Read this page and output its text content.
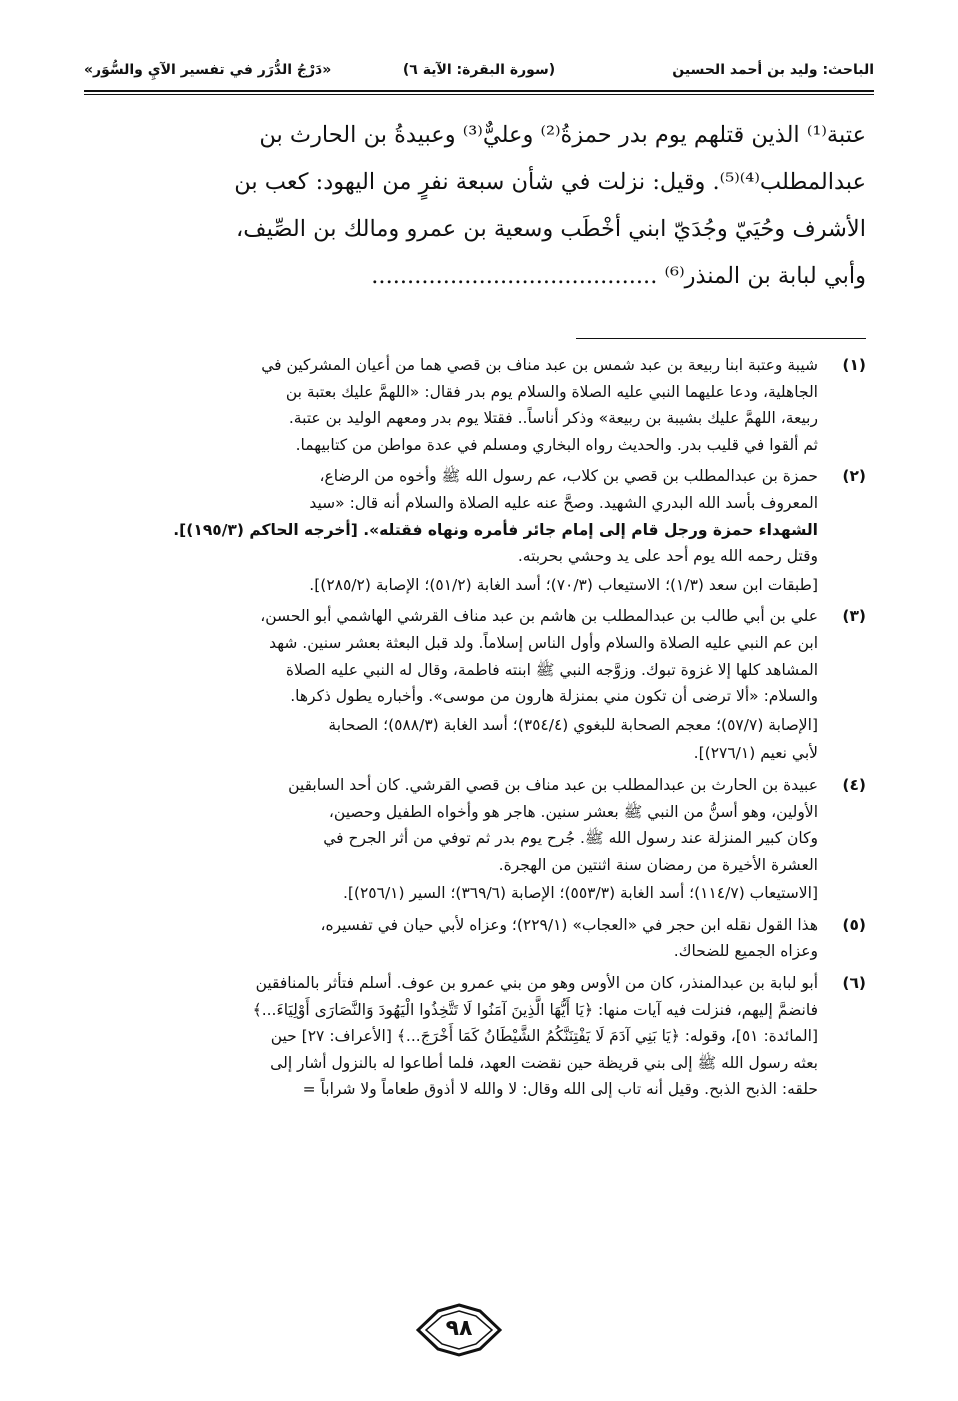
الباحث: وليد بن أحمد الحسين
(سورة البقرة: الآية ٦)
«دَرْجُ الدُّرَر في تفسير الآيِ والسُّوَر»

عتبة⁽¹⁾ الذين قتلهم يوم بدر حمزةُ⁽²⁾ وعليٌّ⁽³⁾ وعبيدةُ بن الحارث بن

عبدالمطلب⁽⁴⁾⁽⁵⁾. وقيل: نزلت في شأن سبعة نفرٍ من اليهود: كعب بن

الأشرف وحُيَيّ وجُدَيّ ابني أخْطَب وسعية بن عمرو ومالك بن الصِّيف،

وأبي لبابة بن المنذر⁽⁶⁾ ........................................

(١)

شيبة وعتبة ابنا ربيعة بن عبد شمس بن عبد مناف بن قصي هما من أعيان المشركين في

الجاهلية، ودعا عليهما النبي عليه الصلاة والسلام يوم بدر فقال: «اللهمَّ عليك بعتبة بن

ربيعة، اللهمَّ عليك بشيبة بن ربيعة» وذكر أناساً.. فقتلا يوم بدر ومعهم الوليد بن عتبة.

ثم ألقوا في قليب بدر. والحديث رواه البخاري ومسلم في عدة مواطن من كتابيهما.

(٢)

حمزة بن عبدالمطلب بن قصي بن كلاب، عم رسول الله ﷺ وأخوه من الرضاع،

المعروف بأسد الله البدري الشهيد. وصحَّ عنه عليه الصلاة والسلام أنه قال: «سيد

الشهداء حمزة ورجل قام إلى إمام جائر فأمره ونهاه فقتله». [أخرجه الحاكم (١٩٥/٣)].

وقتل رحمه الله يوم أحد على يد وحشي بحربته.

[طبقات ابن سعد (١/٣)؛ الاستيعاب (٧٠/٣)؛ أسد الغابة (٥١/٢)؛ الإصابة (٢٨٥/٢)].

(٣)

علي بن أبي طالب بن عبدالمطلب بن هاشم بن عبد مناف القرشي الهاشمي أبو الحسن،

ابن عم النبي عليه الصلاة والسلام وأول الناس إسلاماً. ولد قبل البعثة بعشر سنين. شهد

المشاهد كلها إلا غزوة تبوك. وزوَّجه النبي ﷺ ابنته فاطمة، وقال له النبي عليه الصلاة

والسلام: «ألا ترضى أن تكون مني بمنزلة هارون من موسى». وأخباره يطول ذكرها.

[الإصابة (٥٧/٧)؛ معجم الصحابة للبغوي (٣٥٤/٤)؛ أسد الغابة (٥٨٨/٣)؛ الصحابة

لأبي نعيم (٢٧٦/١)].

(٤)

عبيدة بن الحارث بن عبدالمطلب بن عبد مناف بن قصي القرشي. كان أحد السابقين

الأولين، وهو أسنُّ من النبي ﷺ بعشر سنين. هاجر هو وأخواه الطفيل وحصين،

وكان كبير المنزلة عند رسول الله ﷺ. جُرح يوم بدر ثم توفي من أثر الجرح في

العشرة الأخيرة من رمضان سنة اثنتين من الهجرة.

[الاستيعاب (١١٤/٧)؛ أسد الغابة (٥٥٣/٣)؛ الإصابة (٣٦٩/٦)؛ السير (٢٥٦/١)].

(٥)

هذا القول نقله ابن حجر في «العجاب» (٢٢٩/١)؛ وعزاه لأبي حيان في تفسيره،

وعزاه الجميع للضحاك.

(٦)

أبو لبابة بن عبدالمنذر، كان من الأوس وهو من بني عمرو بن عوف. أسلم فتأثر بالمنافقين

فانضمَّ إليهم، فنزلت فيه آيات منها: ﴿يَا أَيُّهَا الَّذِينَ آمَنُوا لَا تَتَّخِذُوا الْيَهُودَ وَالنَّصَارَى أَوْلِيَاءَ...﴾

[المائدة: ٥١]، وقوله: ﴿يَا بَنِي آدَمَ لَا يَفْتِنَنَّكُمُ الشَّيْطَانُ كَمَا أَخْرَجَ...﴾ [الأعراف: ٢٧] حين

بعثه رسول الله ﷺ إلى بني قريظة حين نقضت العهد، فلما أطاعوا له بالنزول أشار إلى

حلقه: الذبح الذبح. وقيل أنه تاب إلى الله وقال: لا والله لا أذوق طعاماً ولا شراباً =

٩٨
